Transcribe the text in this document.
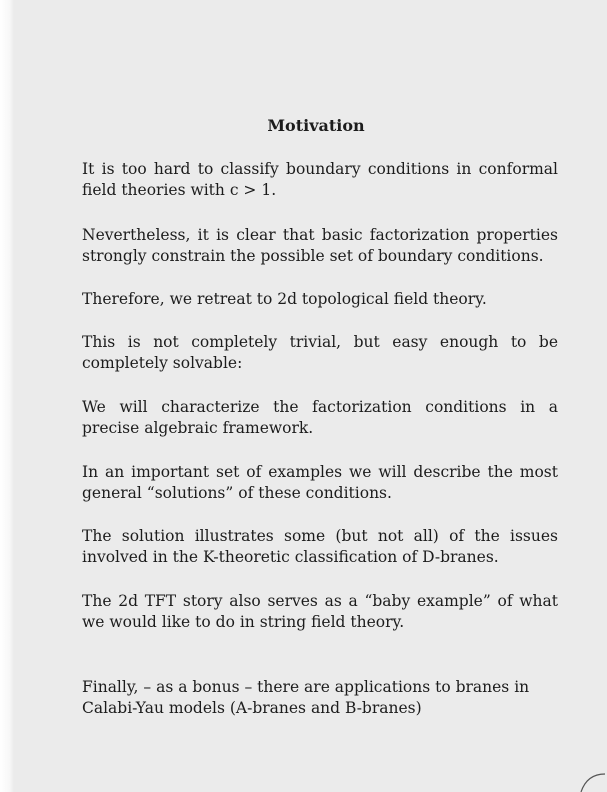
Motivation

It is too hard to classify boundary conditions in conformal field theories with c > 1.

Nevertheless, it is clear that basic factorization properties strongly constrain the possible set of boundary conditions.

Therefore, we retreat to 2d topological field theory.

This is not completely trivial, but easy enough to be completely solvable:

We will characterize the factorization conditions in a precise algebraic framework.

In an important set of examples we will describe the most general “solutions” of these conditions.

The solution illustrates some (but not all) of the issues involved in the K-theoretic classification of D-branes.

The 2d TFT story also serves as a “baby example” of what we would like to do in string field theory.

Finally, – as a bonus – there are applications to branes in Calabi-Yau models (A-branes and B-branes)
